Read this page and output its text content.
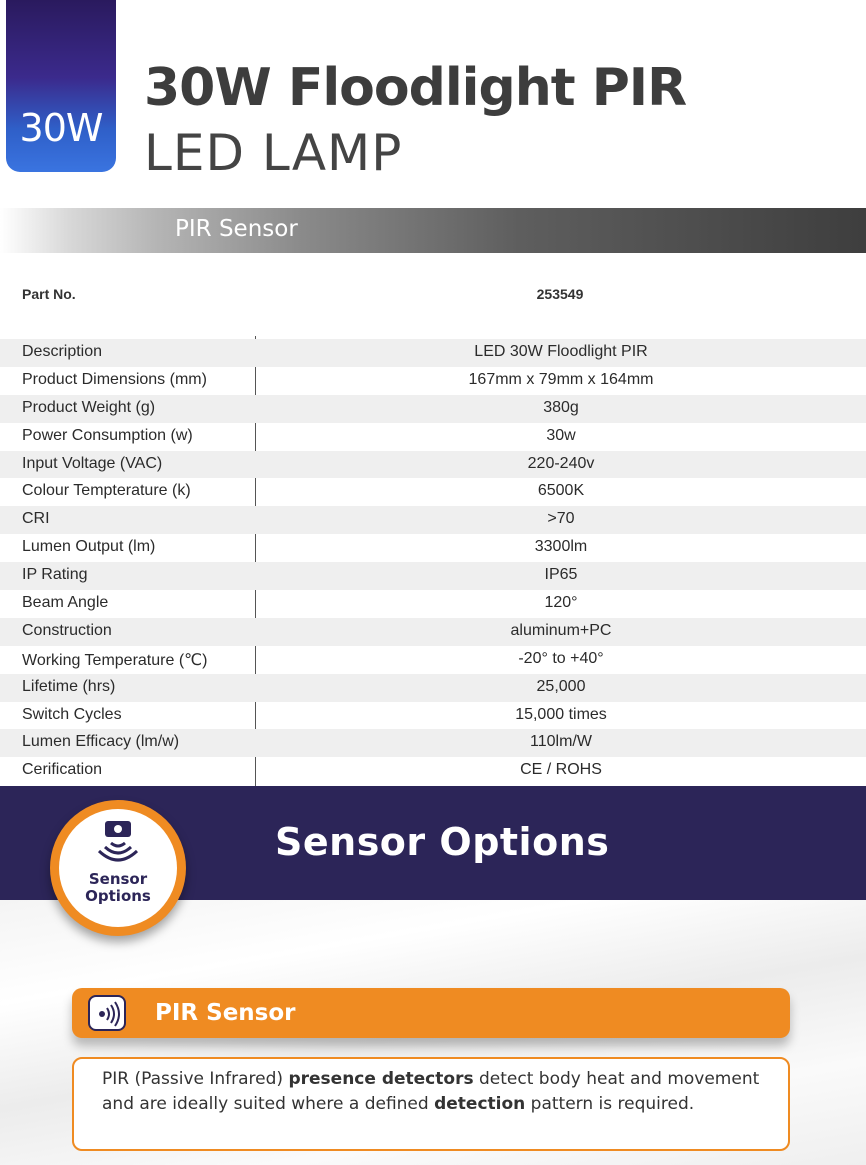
30W
30W Floodlight PIR
LED LAMP
PIR Sensor
Part No.	253549
Description	LED 30W Floodlight PIR
Product Dimensions (mm)	167mm x 79mm x 164mm
Product Weight (g)	380g
Power Consumption (w)	30w
Input Voltage (VAC)	220-240v
Colour Tempterature (k)	6500K
CRI	>70
Lumen Output (lm)	3300lm
IP Rating	IP65
Beam Angle	120°
Construction	aluminum+PC
Working Temperature (℃)	-20° to +40°
Lifetime (hrs)	25,000
Switch Cycles	15,000 times
Lumen Efficacy (lm/w)	110lm/W
Cerification	CE / ROHS
Sensor Options
Sensor
Options
PIR Sensor
PIR (Passive Infrared) presence detectors detect body heat and movement and are ideally suited where a defined detection pattern is required.
